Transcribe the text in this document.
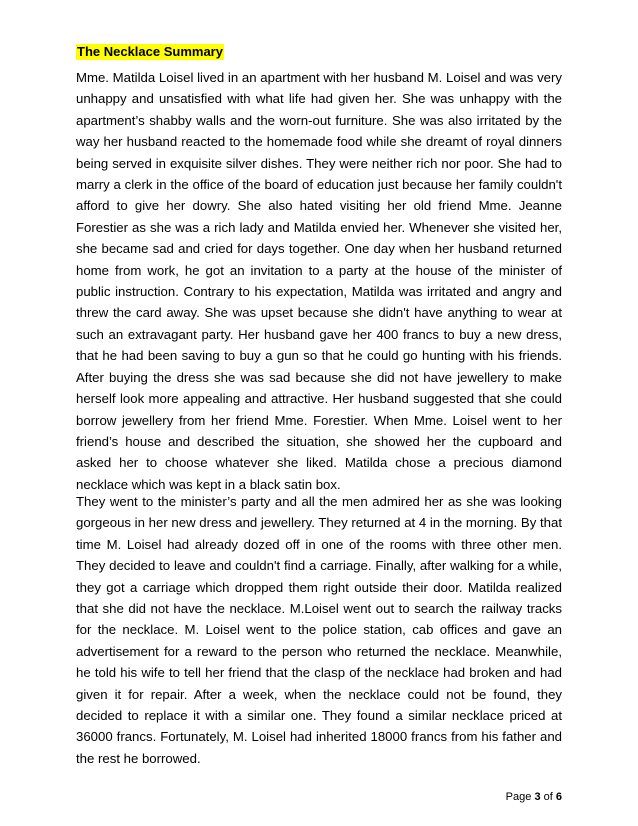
The Necklace Summary

Mme. Matilda Loisel lived in an apartment with her husband M. Loisel and was very unhappy and unsatisfied with what life had given her. She was unhappy with the apartment’s shabby walls and the worn-out furniture. She was also irritated by the way her husband reacted to the homemade food while she dreamt of royal dinners being served in exquisite silver dishes. They were neither rich nor poor. She had to marry a clerk in the office of the board of education just because her family couldn't afford to give her dowry. She also hated visiting her old friend Mme. Jeanne Forestier as she was a rich lady and Matilda envied her. Whenever she visited her, she became sad and cried for days together. One day when her husband returned home from work, he got an invitation to a party at the house of the minister of public instruction. Contrary to his expectation, Matilda was irritated and angry and threw the card away. She was upset because she didn't have anything to wear at such an extravagant party. Her husband gave her 400 francs to buy a new dress, that he had been saving to buy a gun so that he could go hunting with his friends. After buying the dress she was sad because she did not have jewellery to make herself look more appealing and attractive. Her husband suggested that she could borrow jewellery from her friend Mme. Forestier. When Mme. Loisel went to her friend’s house and described the situation, she showed her the cupboard and asked her to choose whatever she liked. Matilda chose a precious diamond necklace which was kept in a black satin box.

They went to the minister’s party and all the men admired her as she was looking gorgeous in her new dress and jewellery. They returned at 4 in the morning. By that time M. Loisel had already dozed off in one of the rooms with three other men. They decided to leave and couldn't find a carriage. Finally, after walking for a while, they got a carriage which dropped them right outside their door. Matilda realized that she did not have the necklace. M.Loisel went out to search the railway tracks for the necklace. M. Loisel went to the police station, cab offices and gave an advertisement for a reward to the person who returned the necklace. Meanwhile, he told his wife to tell her friend that the clasp of the necklace had broken and had given it for repair. After a week, when the necklace could not be found, they decided to replace it with a similar one. They found a similar necklace priced at 36000 francs. Fortunately, M. Loisel had inherited 18000 francs from his father and the rest he borrowed.

Page 3 of 6
